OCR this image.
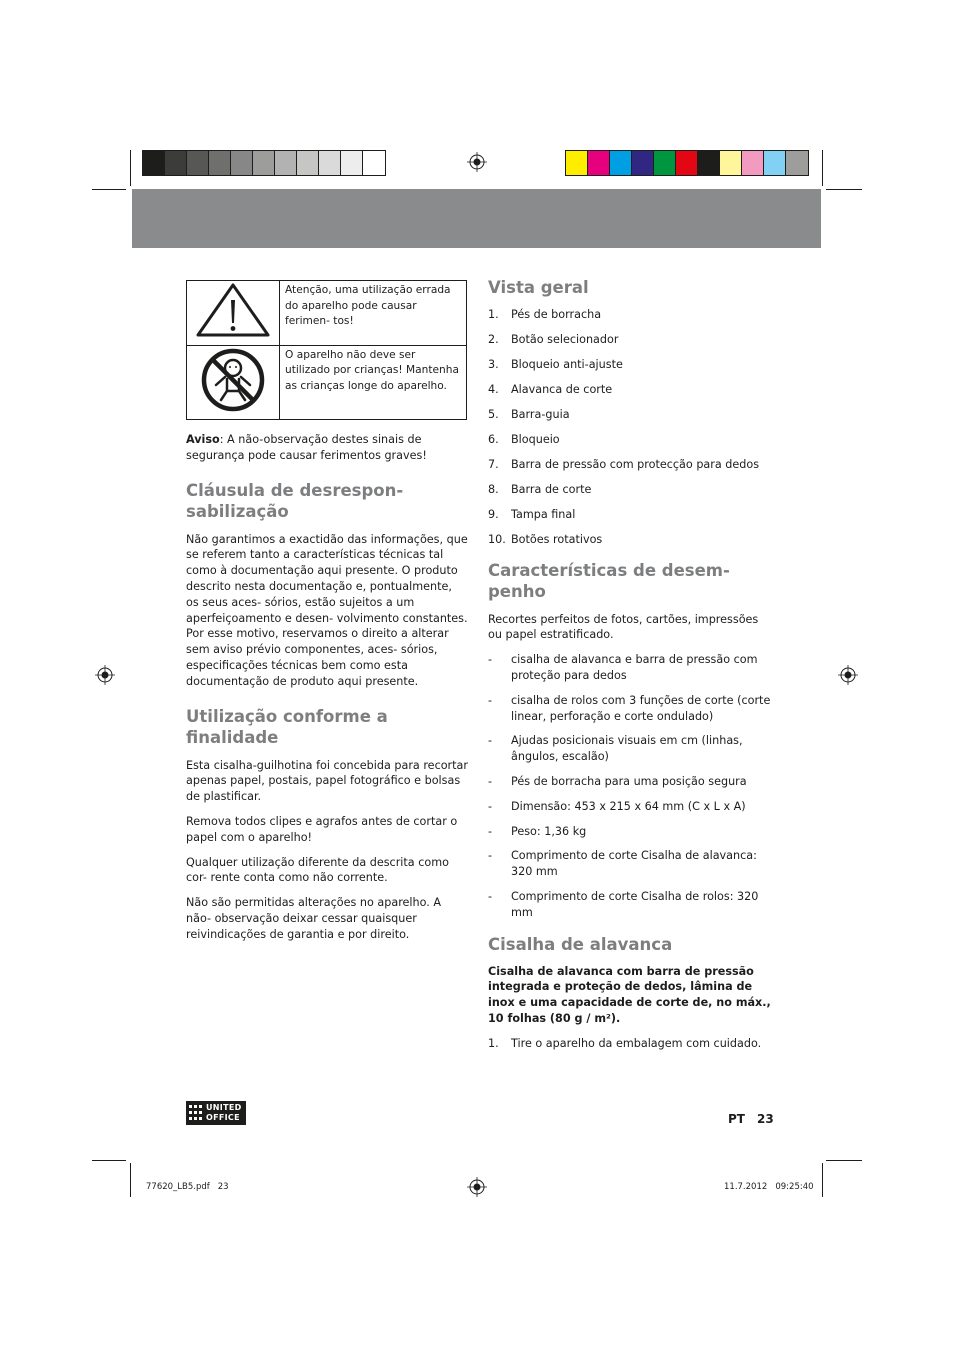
	Atenção, uma utilização errada do aparelho pode causar ferimen- tos!
	O aparelho não deve ser utilizado por crianças! Mantenha as crianças longe do aparelho.

Aviso: A não-observação destes sinais de segurança pode causar ferimentos graves!

Cláusula de desrespon- sabilização

Não garantimos a exactidão das informações, que se referem tanto a características técnicas tal como à documentação aqui presente. O produto descrito nesta documentação e, pontualmente, os seus aces- sórios, estão sujeitos a um aperfeiçoamento e desen- volvimento constantes. Por esse motivo, reservamos o direito a alterar sem aviso prévio componentes, aces- sórios, especificações técnicas bem como esta documentação de produto aqui presente.

Utilização conforme a finalidade

Esta cisalha-guilhotina foi concebida para recortar apenas papel, postais, papel fotográfico e bolsas de plastificar.

Remova todos clipes e agrafos antes de cortar o papel com o aparelho!

Qualquer utilização diferente da descrita como cor- rente conta como não corrente.

Não são permitidas alterações no aparelho. A não- observação deixar cessar quaisquer reivindicações de garantia e por direito.

Vista geral
1.	Pés de borracha
2.	Botão selecionador
3.	Bloqueio anti-ajuste
4.	Alavanca de corte
5.	Barra-guia
6.	Bloqueio
7.	Barra de pressão com protecção para dedos
8.	Barra de corte
9.	Tampa final
10. Botões rotativos
Características de desem- penho

Recortes perfeitos de fotos, cartões, impressões ou papel estratificado.

-	cisalha de alavanca e barra de pressão com proteção para dedos
-	cisalha de rolos com 3 funções de corte (corte linear, perforação e corte ondulado)
-	Ajudas posicionais visuais em cm (linhas, ângulos, escalão)
-	Pés de borracha para uma posição segura
-	Dimensão: 453 x 215 x 64 mm (C x L x A)
-	Peso: 1,36 kg
-	Comprimento de corte Cisalha de alavanca: 320 mm
-	Comprimento de corte Cisalha de rolos: 320 mm
Cisalha de alavanca

Cisalha de alavanca com barra de pressão integrada e proteção de dedos, lâmina de inox e uma capacidade de corte de, no máx., 10 folhas (80 g / m²).

1.	Tire o aparelho da embalagem com cuidado.
UNITED
OFFICE	PT 23
77620_LB5.pdf 23	11.7.2012   09:25:40
